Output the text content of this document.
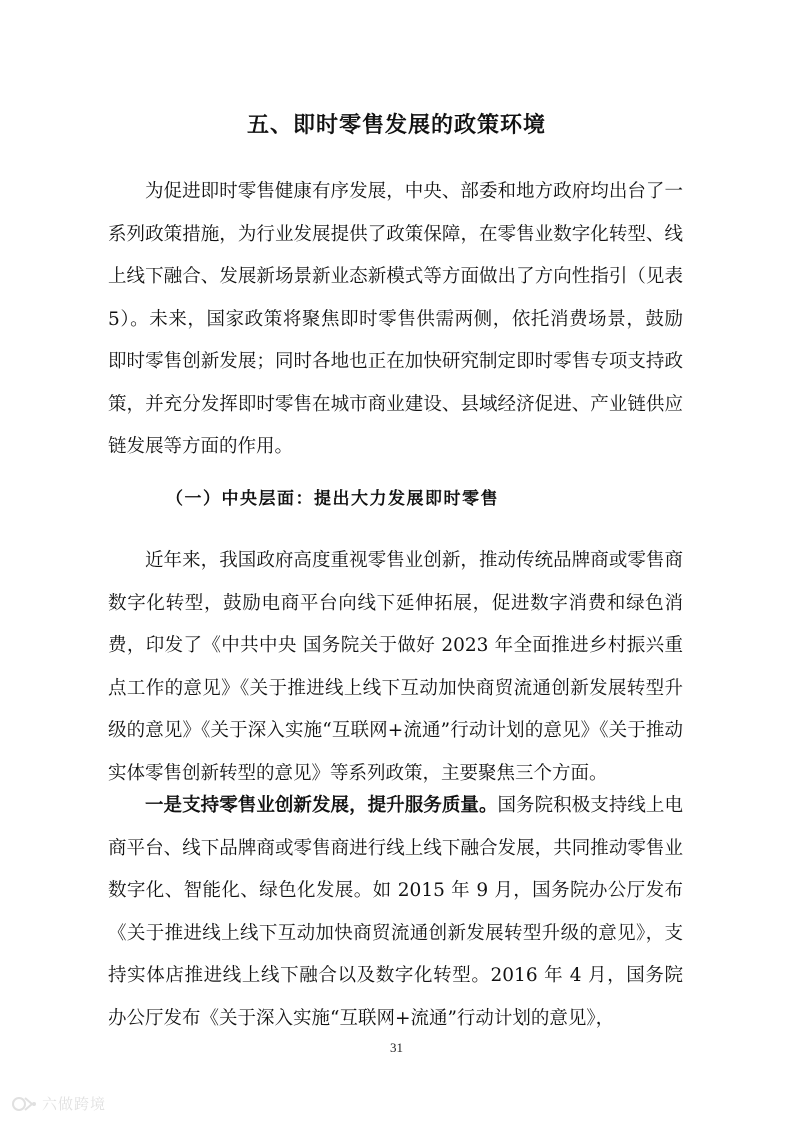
五、即时零售发展的政策环境

为促进即时零售健康有序发展，中央、部委和地方政府均出台了一系列政策措施，为行业发展提供了政策保障，在零售业数字化转型、线上线下融合、发展新场景新业态新模式等方面做出了方向性指引（见表 5）。未来，国家政策将聚焦即时零售供需两侧，依托消费场景，鼓励即时零售创新发展；同时各地也正在加快研究制定即时零售专项支持政策，并充分发挥即时零售在城市商业建设、县域经济促进、产业链供应链发展等方面的作用。

（一）中央层面：提出大力发展即时零售

近年来，我国政府高度重视零售业创新，推动传统品牌商或零售商数字化转型，鼓励电商平台向线下延伸拓展，促进数字消费和绿色消费，印发了《中共中央 国务院关于做好 2023 年全面推进乡村振兴重点工作的意见》《关于推进线上线下互动加快商贸流通创新发展转型升级的意见》《关于深入实施“互联网+流通”行动计划的意见》《关于推动实体零售创新转型的意见》等系列政策，主要聚焦三个方面。

一是支持零售业创新发展，提升服务质量。国务院积极支持线上电商平台、线下品牌商或零售商进行线上线下融合发展，共同推动零售业数字化、智能化、绿色化发展。如 2015 年 9 月，国务院办公厅发布《关于推进线上线下互动加快商贸流通创新发展转型升级的意见》，支持实体店推进线上线下融合以及数字化转型。2016 年 4 月，国务院办公厅发布《关于深入实施“互联网+流通”行动计划的意见》，

31
六做跨境
